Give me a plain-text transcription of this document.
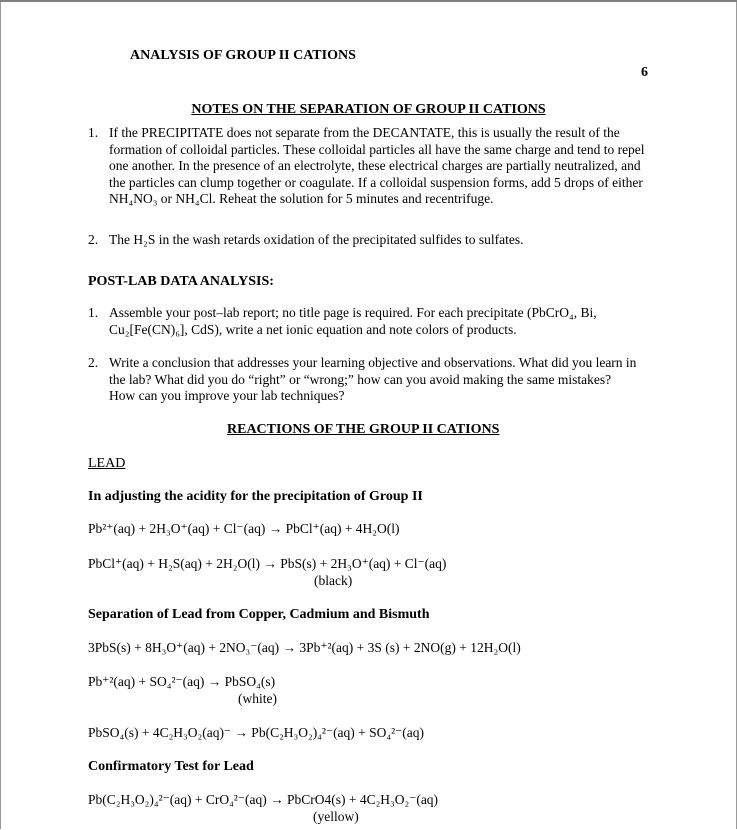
ANALYSIS OF GROUP II CATIONS
6
NOTES ON THE SEPARATION OF GROUP II CATIONS
1. If the PRECIPITATE does not separate from the DECANTATE, this is usually the result of the formation of colloidal particles. These colloidal particles all have the same charge and tend to repel one another. In the presence of an electrolyte, these electrical charges are partially neutralized, and the particles can clump together or coagulate. If a colloidal suspension forms, add 5 drops of either NH₄NO₃ or NH₄Cl. Reheat the solution for 5 minutes and recentrifuge.
2. The H₂S in the wash retards oxidation of the precipitated sulfides to sulfates.
POST-LAB DATA ANALYSIS:
1. Assemble your post–lab report; no title page is required. For each precipitate (PbCrO₄, Bi, Cu₂[Fe(CN)₆], CdS), write a net ionic equation and note colors of products.
2. Write a conclusion that addresses your learning objective and observations. What did you learn in the lab? What did you do “right” or “wrong;” how can you avoid making the same mistakes? How can you improve your lab techniques?
REACTIONS OF THE GROUP II CATIONS
LEAD
In adjusting the acidity for the precipitation of Group II
Pb²⁺(aq) + 2H₃O⁺(aq) + Cl⁻(aq) → PbCl⁺(aq) + 4H₂O(l)
PbCl⁺(aq) + H₂S(aq) + 2H₂O(l) → PbS(s) + 2H₃O⁺(aq) + Cl⁻(aq)
(black)
Separation of Lead from Copper, Cadmium and Bismuth
3PbS(s) + 8H₃O⁺(aq) + 2NO₃⁻(aq) → 3Pb⁺²(aq) + 3S (s) + 2NO(g) + 12H₂O(l)
Pb⁺²(aq) + SO₄²⁻(aq) → PbSO₄(s)
(white)
PbSO₄(s) + 4C₂H₃O₂(aq)⁻ → Pb(C₂H₃O₂)₄²⁻(aq) + SO₄²⁻(aq)
Confirmatory Test for Lead
Pb(C₂H₃O₂)₄²⁻(aq) + CrO₄²⁻(aq) → PbCrO4(s) + 4C₂H₃O₂⁻(aq)
(yellow)
